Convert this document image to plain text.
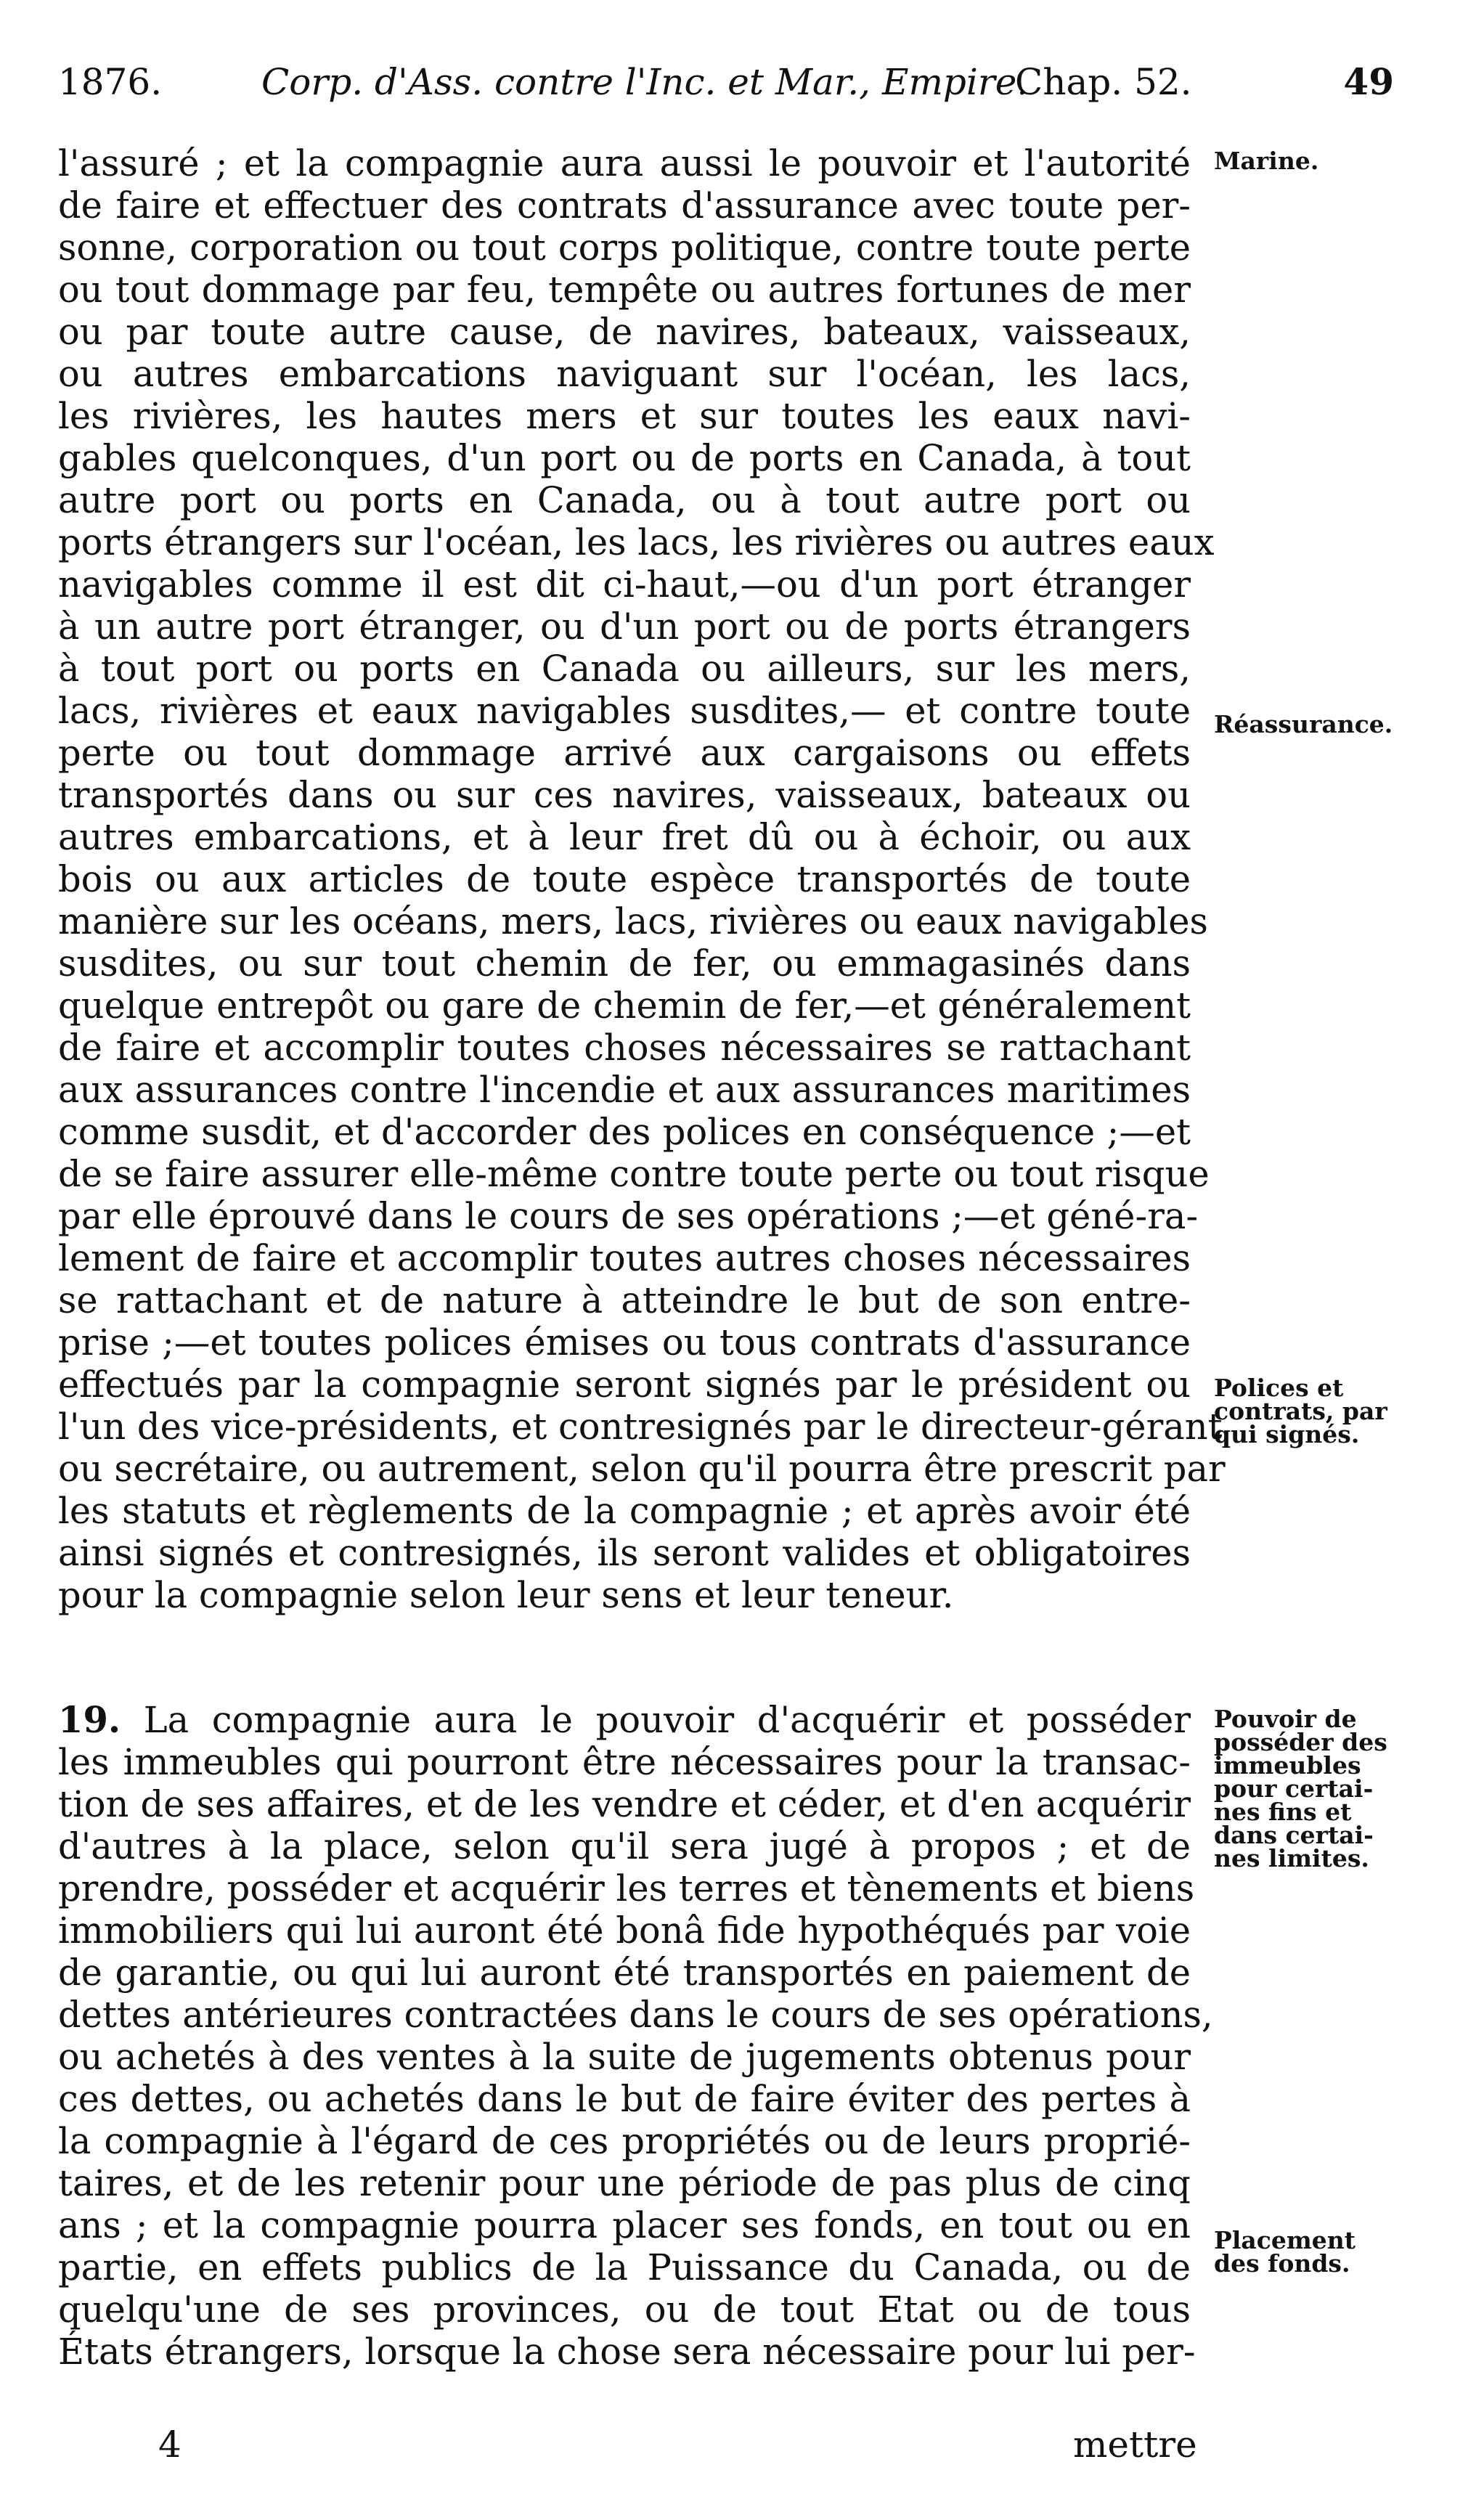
1876.	Corp. d'Ass. contre l'Inc. et Mar., Empire.
Chap. 52.	49
l'assuré ; et la compagnie aura aussi le pouvoir et l'autorité
de faire et effectuer des contrats d'assurance avec toute per-
sonne, corporation ou tout corps politique, contre toute perte
ou tout dommage par feu, tempête ou autres fortunes de mer
ou par toute autre cause, de navires, bateaux, vaisseaux,
ou autres embarcations naviguant sur l'océan, les lacs,
les rivières, les hautes mers et sur toutes les eaux navi-
gables quelconques, d'un port ou de ports en Canada, à tout
autre port ou ports en Canada, ou à tout autre port ou
ports étrangers sur l'océan, les lacs, les rivières ou autres eaux
navigables comme il est dit ci-haut,—ou d'un port étranger
à un autre port étranger, ou d'un port ou de ports étrangers
à tout port ou ports en Canada ou ailleurs, sur les mers,
lacs, rivières et eaux navigables susdites,— et contre toute
perte ou tout dommage arrivé aux cargaisons ou effets
transportés dans ou sur ces navires, vaisseaux, bateaux ou
autres embarcations, et à leur fret dû ou à échoir, ou aux
bois ou aux articles de toute espèce transportés de toute
manière sur les océans, mers, lacs, rivières ou eaux navigables
susdites, ou sur tout chemin de fer, ou emmagasinés dans
quelque entrepôt ou gare de chemin de fer,—et généralement
de faire et accomplir toutes choses nécessaires se rattachant
aux assurances contre l'incendie et aux assurances maritimes
comme susdit, et d'accorder des polices en conséquence ;—et
de se faire assurer elle-même contre toute perte ou tout risque
par elle éprouvé dans le cours de ses opérations ;—et géné-ra-
lement de faire et accomplir toutes autres choses nécessaires
se rattachant et de nature à atteindre le but de son entre-
prise ;—et toutes polices émises ou tous contrats d'assurance
effectués par la compagnie seront signés par le président ou
l'un des vice-présidents, et contresignés par le directeur-gérant
ou secrétaire, ou autrement, selon qu'il pourra être prescrit par
les statuts et règlements de la compagnie ; et après avoir été
ainsi signés et contresignés, ils seront valides et obligatoires
pour la compagnie selon leur sens et leur teneur.
19. La compagnie aura le pouvoir d'acquérir et posséder
les immeubles qui pourront être nécessaires pour la transac-
tion de ses affaires, et de les vendre et céder, et d'en acquérir
d'autres à la place, selon qu'il sera jugé à propos ; et de
prendre, posséder et acquérir les terres et tènements et biens
immobiliers qui lui auront été bonâ fide hypothéqués par voie
de garantie, ou qui lui auront été transportés en paiement de
dettes antérieures contractées dans le cours de ses opérations,
ou achetés à des ventes à la suite de jugements obtenus pour
ces dettes, ou achetés dans le but de faire éviter des pertes à
la compagnie à l'égard de ces propriétés ou de leurs proprié-
taires, et de les retenir pour une période de pas plus de cinq
ans ; et la compagnie pourra placer ses fonds, en tout ou en
partie, en effets publics de la Puissance du Canada, ou de
quelqu'une de ses provinces, ou de tout Etat ou de tous
États étrangers, lorsque la chose sera nécessaire pour lui per-
Marine.
Réassurance.
Polices et
contrats, par
qui signés.
Pouvoir de
posséder des
immeubles
pour certai-
nes fins et
dans certai-
nes limites.
Placement
des fonds.
4	mettre
